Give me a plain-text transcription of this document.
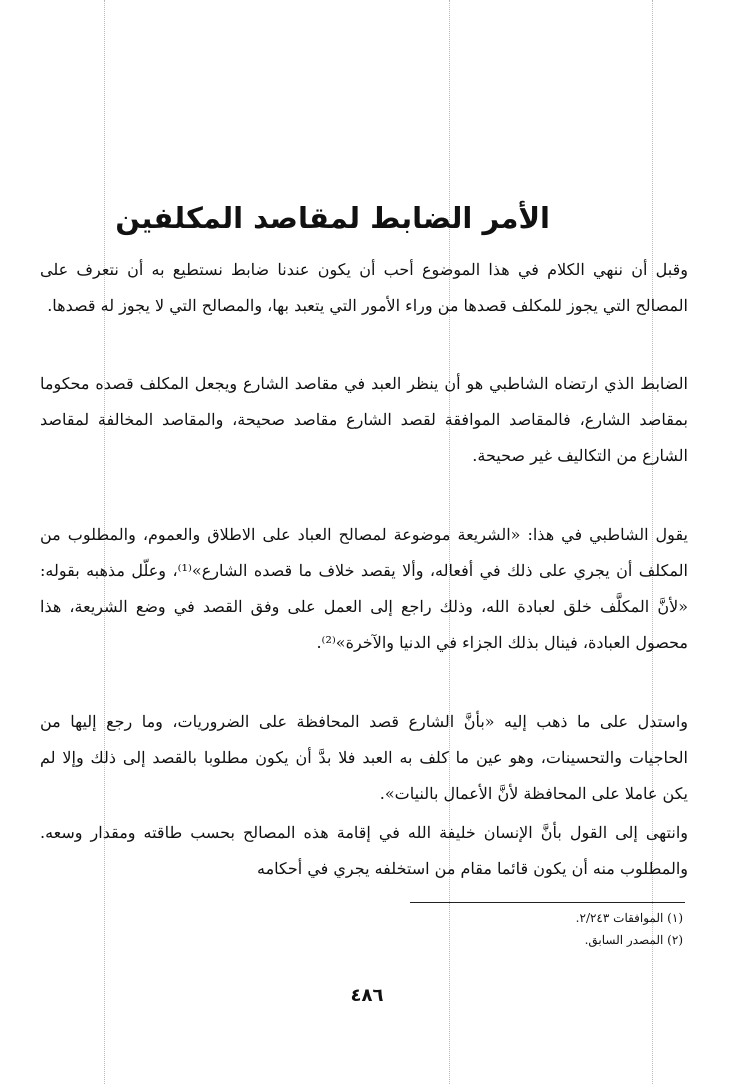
الأمر الضابط لمقاصد المكلفين

وقبل أن ننهي الكلام في هذا الموضوع أحب أن يكون عندنا ضابط نستطيع به أن نتعرف على المصالح التي يجوز للمكلف قصدها من وراء الأمور التي يتعبد بها، والمصالح التي لا يجوز له قصدها.

الضابط الذي ارتضاه الشاطبي هو أن ينظر العبد في مقاصد الشارع ويجعل المكلف قصده محكوما بمقاصد الشارع، فالمقاصد الموافقة لقصد الشارع مقاصد صحيحة، والمقاصد المخالفة لمقاصد الشارع من التكاليف غير صحيحة.

يقول الشاطبي في هذا: «الشريعة موضوعة لمصالح العباد على الاطلاق والعموم، والمطلوب من المكلف أن يجري على ذلك في أفعاله، وألا يقصد خلاف ما قصده الشارع»⁽¹⁾، وعلّل مذهبه بقوله: «لأنَّ المكلَّف خلق لعبادة الله، وذلك راجع إلى العمل على وفق القصد في وضع الشريعة، هذا محصول العبادة، فينال بذلك الجزاء في الدنيا والآخرة»⁽²⁾.

واستدل على ما ذهب إليه «بأنَّ الشارع قصد المحافظة على الضروريات، وما رجع إليها من الحاجيات والتحسينات، وهو عين ما كلف به العبد فلا بدَّ أن يكون مطلوبا بالقصد إلى ذلك وإلا لم يكن عاملا على المحافظة لأنَّ الأعمال بالنيات».

وانتهى إلى القول بأنَّ الإنسان خليفة الله في إقامة هذه المصالح بحسب طاقته ومقدار وسعه. والمطلوب منه أن يكون قائما مقام من استخلفه يجري في أحكامه

(١) الموافقات ٢/٢٤٣.
(٢) المصدر السابق.
٤٨٦
